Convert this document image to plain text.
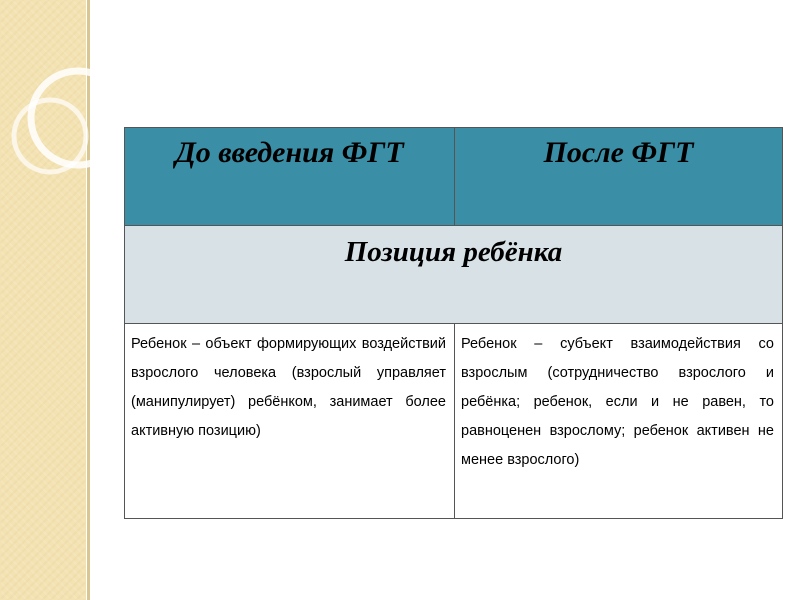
До введения ФГТ	После ФГТ

Позиция ребёнка	

Ребенок – объект формирующих воздействий взрослого человека (взрослый управляет (манипулирует) ребёнком, занимает более активную позицию)	Ребенок – субъект взаимодействия со взрослым (сотрудничество взрослого и ребёнка; ребенок, если и не равен, то равноценен взрослому; ребенок активен не менее взрослого)
